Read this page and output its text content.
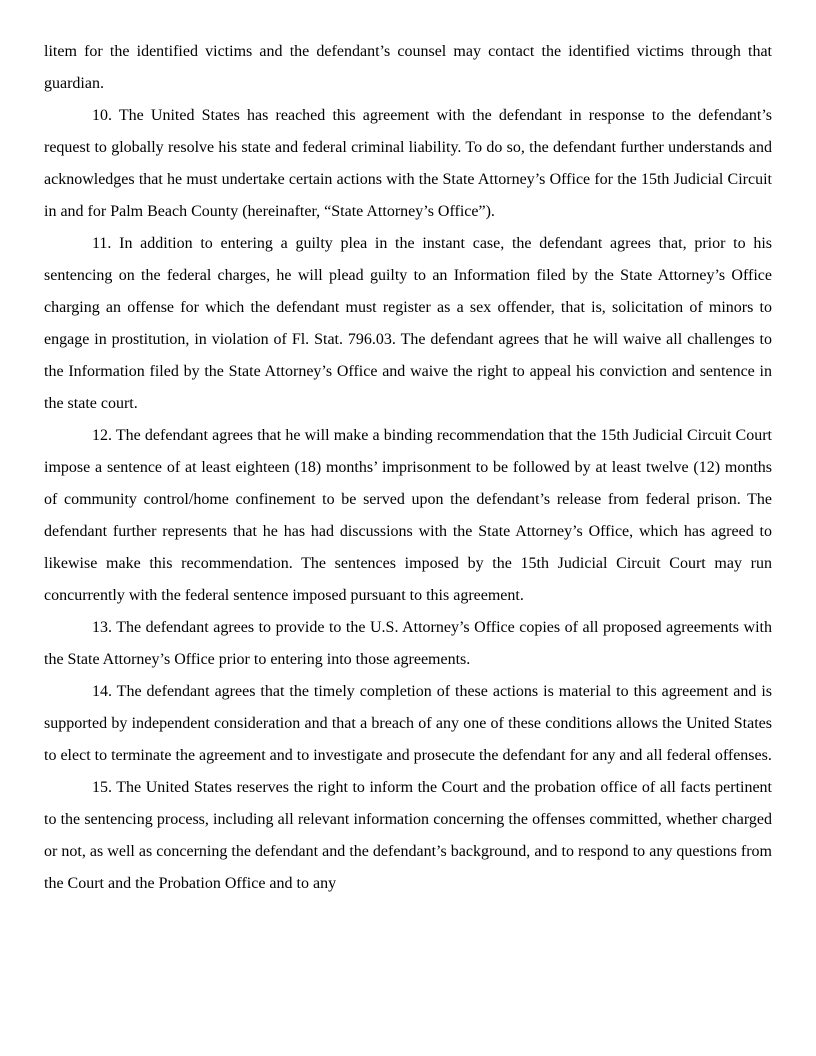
litem for the identified victims and the defendant’s counsel may contact the identified victims through that guardian.

10. The United States has reached this agreement with the defendant in response to the defendant’s request to globally resolve his state and federal criminal liability. To do so, the defendant further understands and acknowledges that he must undertake certain actions with the State Attorney’s Office for the 15th Judicial Circuit in and for Palm Beach County (hereinafter, “State Attorney’s Office”).

11. In addition to entering a guilty plea in the instant case, the defendant agrees that, prior to his sentencing on the federal charges, he will plead guilty to an Information filed by the State Attorney’s Office charging an offense for which the defendant must register as a sex offender, that is, solicitation of minors to engage in prostitution, in violation of Fl. Stat. 796.03. The defendant agrees that he will waive all challenges to the Information filed by the State Attorney’s Office and waive the right to appeal his conviction and sentence in the state court.

12. The defendant agrees that he will make a binding recommendation that the 15th Judicial Circuit Court impose a sentence of at least eighteen (18) months’ imprisonment to be followed by at least twelve (12) months of community control/home confinement to be served upon the defendant’s release from federal prison. The defendant further represents that he has had discussions with the State Attorney’s Office, which has agreed to likewise make this recommendation. The sentences imposed by the 15th Judicial Circuit Court may run concurrently with the federal sentence imposed pursuant to this agreement.

13. The defendant agrees to provide to the U.S. Attorney’s Office copies of all proposed agreements with the State Attorney’s Office prior to entering into those agreements.

14. The defendant agrees that the timely completion of these actions is material to this agreement and is supported by independent consideration and that a breach of any one of these conditions allows the United States to elect to terminate the agreement and to investigate and prosecute the defendant for any and all federal offenses.

15. The United States reserves the right to inform the Court and the probation office of all facts pertinent to the sentencing process, including all relevant information concerning the offenses committed, whether charged or not, as well as concerning the defendant and the defendant’s background, and to respond to any questions from the Court and the Probation Office and to any
